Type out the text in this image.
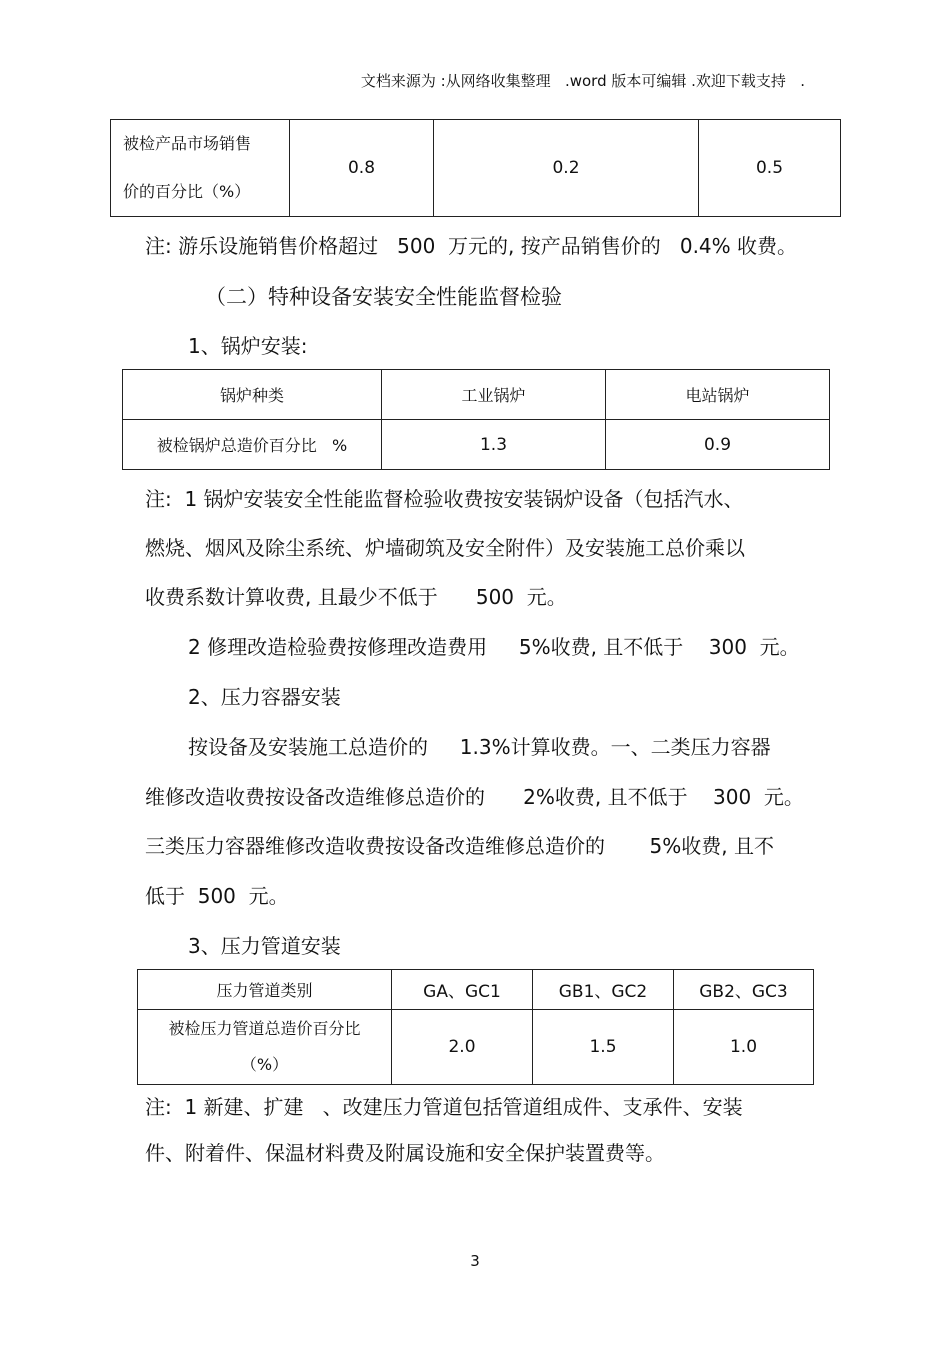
文档来源为 :从网络收集整理   .word 版本可编辑 .欢迎下载支持   .
被检产品市场销售
价的百分比（%）
	0.8	0.2	0.5
注: 游乐设施销售价格超过   500  万元的, 按产品销售价的   0.4% 收费。
（二）特种设备安装安全性能监督检验
1、锅炉安装:
锅炉种类	工业锅炉	电站锅炉
被检锅炉总造价百分比   %	1.3	0.9
注:  1 锅炉安装安全性能监督检验收费按安装锅炉设备（包括汽水、
燃烧、烟风及除尘系统、炉墙砌筑及安全附件）及安装施工总价乘以
收费系数计算收费, 且最少不低于      500  元。
2 修理改造检验费按修理改造费用     5%收费, 且不低于    300  元。
2、压力容器安装
按设备及安装施工总造价的     1.3%计算收费。一、二类压力容器
维修改造收费按设备改造维修总造价的      2%收费, 且不低于    300  元。
三类压力容器维修改造收费按设备改造维修总造价的       5%收费, 且不
低于  500  元。
3、压力管道安装
压力管道类别	GA、GC1	GB1、GC2	GB2、GC3

被检压力管道总造价百分比
（%）	2.0	1.5	1.0
注:  1 新建、扩建   、改建压力管道包括管道组成件、支承件、安装
件、附着件、保温材料费及附属设施和安全保护装置费等。
3
